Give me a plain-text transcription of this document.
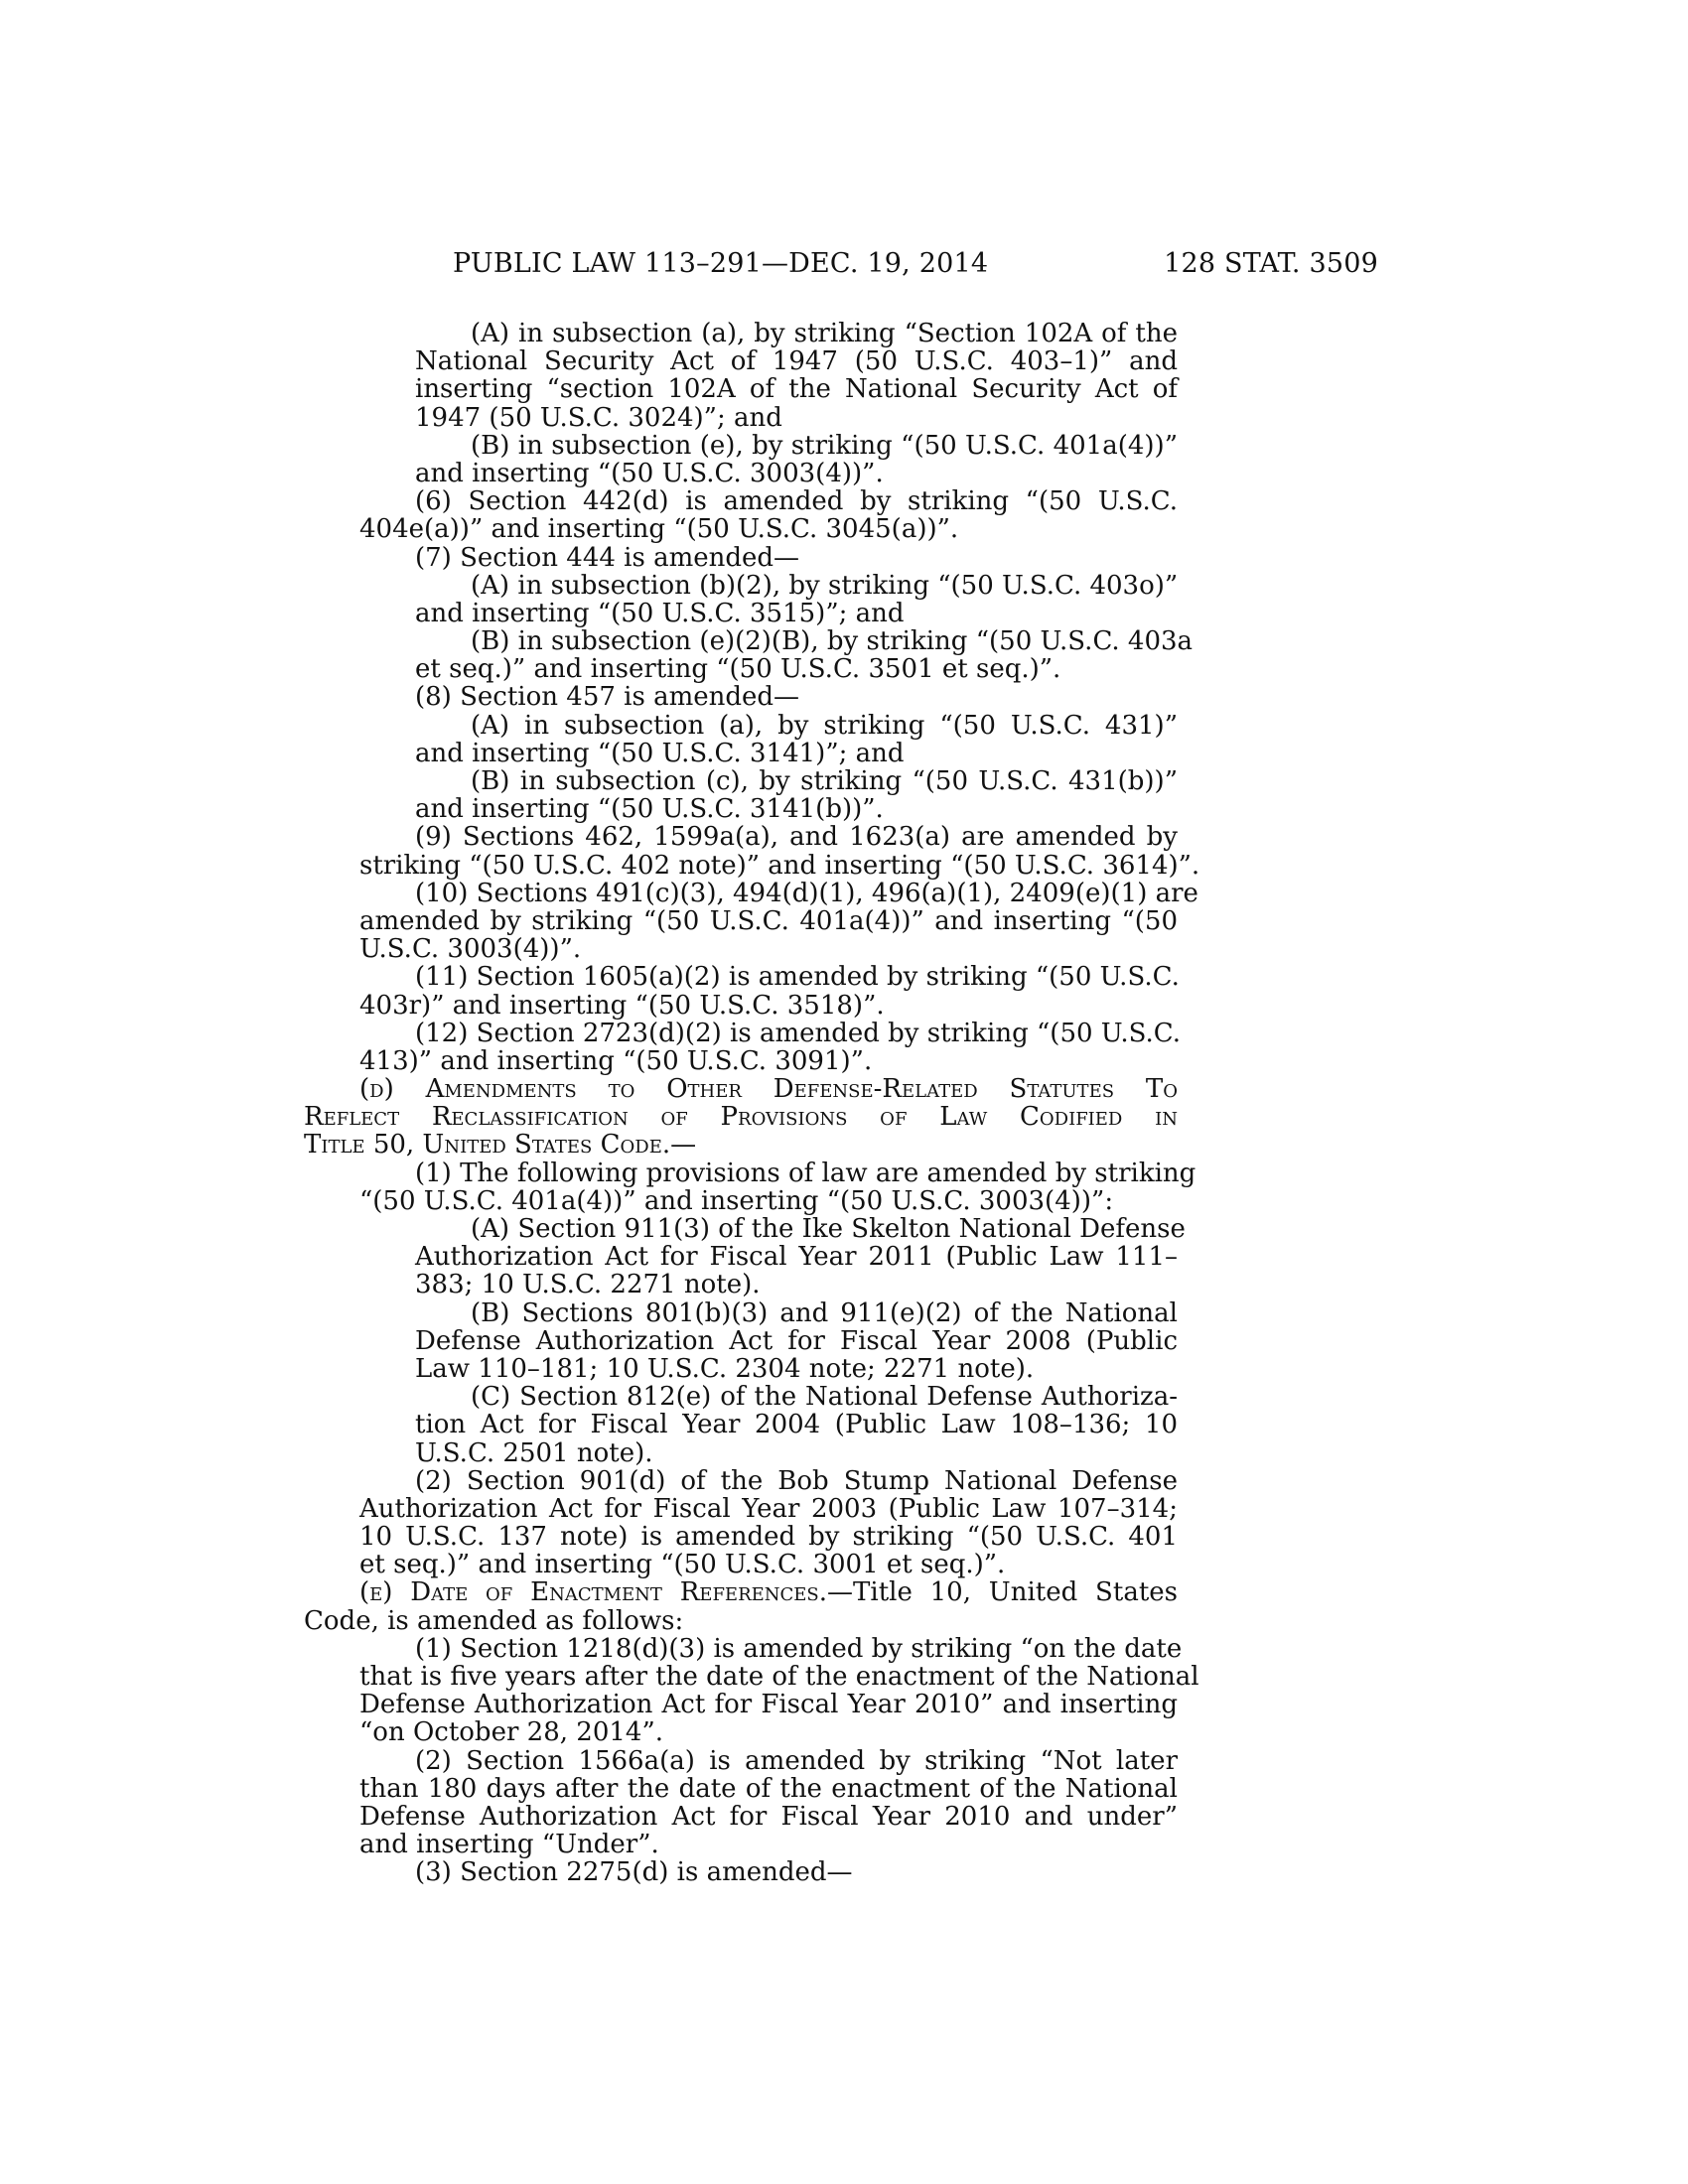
PUBLIC LAW 113–291—DEC. 19, 2014	128 STAT. 3509
(A) in subsection (a), by striking “Section 102A of the
National Security Act of 1947 (50 U.S.C. 403–1)” and
inserting “section 102A of the National Security Act of
1947 (50 U.S.C. 3024)”; and
(B) in subsection (e), by striking “(50 U.S.C. 401a(4))”
and inserting “(50 U.S.C. 3003(4))”.
(6) Section 442(d) is amended by striking “(50 U.S.C.
404e(a))” and inserting “(50 U.S.C. 3045(a))”.
(7) Section 444 is amended—
(A) in subsection (b)(2), by striking “(50 U.S.C. 403o)”
and inserting “(50 U.S.C. 3515)”; and
(B) in subsection (e)(2)(B), by striking “(50 U.S.C. 403a
et seq.)” and inserting “(50 U.S.C. 3501 et seq.)”.
(8) Section 457 is amended—
(A) in subsection (a), by striking “(50 U.S.C. 431)”
and inserting “(50 U.S.C. 3141)”; and
(B) in subsection (c), by striking “(50 U.S.C. 431(b))”
and inserting “(50 U.S.C. 3141(b))”.
(9) Sections 462, 1599a(a), and 1623(a) are amended by
striking “(50 U.S.C. 402 note)” and inserting “(50 U.S.C. 3614)”.
(10) Sections 491(c)(3), 494(d)(1), 496(a)(1), 2409(e)(1) are
amended by striking “(50 U.S.C. 401a(4))” and inserting “(50
U.S.C. 3003(4))”.
(11) Section 1605(a)(2) is amended by striking “(50 U.S.C.
403r)” and inserting “(50 U.S.C. 3518)”.
(12) Section 2723(d)(2) is amended by striking “(50 U.S.C.
413)” and inserting “(50 U.S.C. 3091)”.
(d) Amendments to Other Defense-Related Statutes To
Reflect Reclassification of Provisions of Law Codified in
Title 50, United States Code.—
(1) The following provisions of law are amended by striking
“(50 U.S.C. 401a(4))” and inserting “(50 U.S.C. 3003(4))”:
(A) Section 911(3) of the Ike Skelton National Defense
Authorization Act for Fiscal Year 2011 (Public Law 111–
383; 10 U.S.C. 2271 note).
(B) Sections 801(b)(3) and 911(e)(2) of the National
Defense Authorization Act for Fiscal Year 2008 (Public
Law 110–181; 10 U.S.C. 2304 note; 2271 note).
(C) Section 812(e) of the National Defense Authoriza-
tion Act for Fiscal Year 2004 (Public Law 108–136; 10
U.S.C. 2501 note).
(2) Section 901(d) of the Bob Stump National Defense
Authorization Act for Fiscal Year 2003 (Public Law 107–314;
10 U.S.C. 137 note) is amended by striking “(50 U.S.C. 401
et seq.)” and inserting “(50 U.S.C. 3001 et seq.)”.
(e) Date of Enactment References.—Title 10, United States
Code, is amended as follows:
(1) Section 1218(d)(3) is amended by striking “on the date
that is five years after the date of the enactment of the National
Defense Authorization Act for Fiscal Year 2010” and inserting
“on October 28, 2014”.
(2) Section 1566a(a) is amended by striking “Not later
than 180 days after the date of the enactment of the National
Defense Authorization Act for Fiscal Year 2010 and under”
and inserting “Under”.
(3) Section 2275(d) is amended—
